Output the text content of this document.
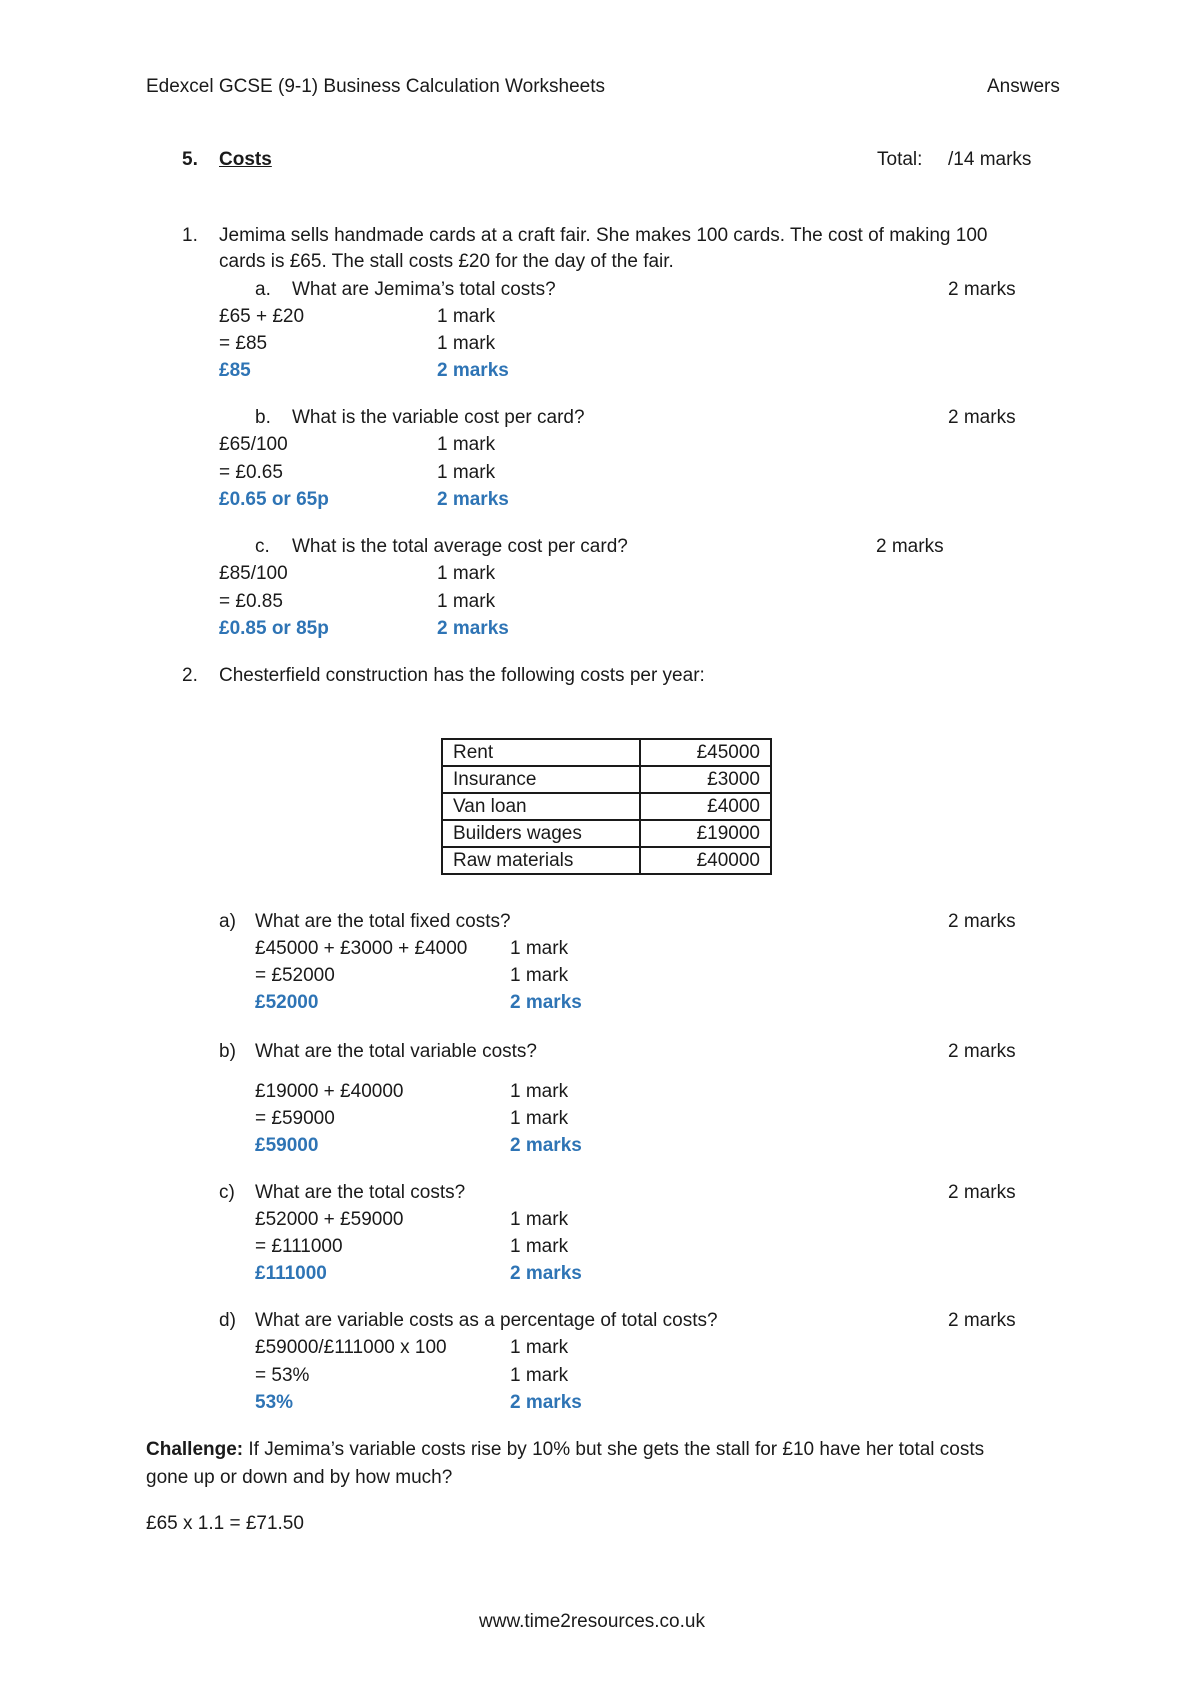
Edexcel GCSE (9-1) Business Calculation Worksheets	Answers
5. Costs	Total: /14 marks
1. Jemima sells handmade cards at a craft fair. She makes 100 cards. The cost of making 100
cards is £65. The stall costs £20 for the day of the fair.
a. What are Jemima’s total costs?	2 marks
£65 + £20	1 mark
= £85	1 mark
£85	2 marks
b. What is the variable cost per card?	2 marks
£65/100	1 mark
= £0.65	1 mark
£0.65 or 65p	2 marks
c. What is the total average cost per card?	2 marks
£85/100	1 mark
= £0.85	1 mark
£0.85 or 85p	2 marks
2. Chesterfield construction has the following costs per year:
Rent	£45000
Insurance	£3000
Van loan	£4000
Builders wages	£19000
Raw materials	£40000
a) What are the total fixed costs?	2 marks
£45000 + £3000 + £4000 1 mark
= £52000	1 mark
£52000	2 marks
b) What are the total variable costs?	2 marks
£19000 + £40000	1 mark
= £59000	1 mark
£59000	2 marks
c) What are the total costs?	2 marks
£52000 + £59000	1 mark
= £111000	1 mark
£111000	2 marks
d) What are variable costs as a percentage of total costs?	2 marks
£59000/£111000 x 100	1 mark
= 53%	1 mark
53%	2 marks
Challenge: If Jemima’s variable costs rise by 10% but she gets the stall for £10 have her total costs
gone up or down and by how much?
£65 x 1.1 = £71.50
www.time2resources.co.uk
